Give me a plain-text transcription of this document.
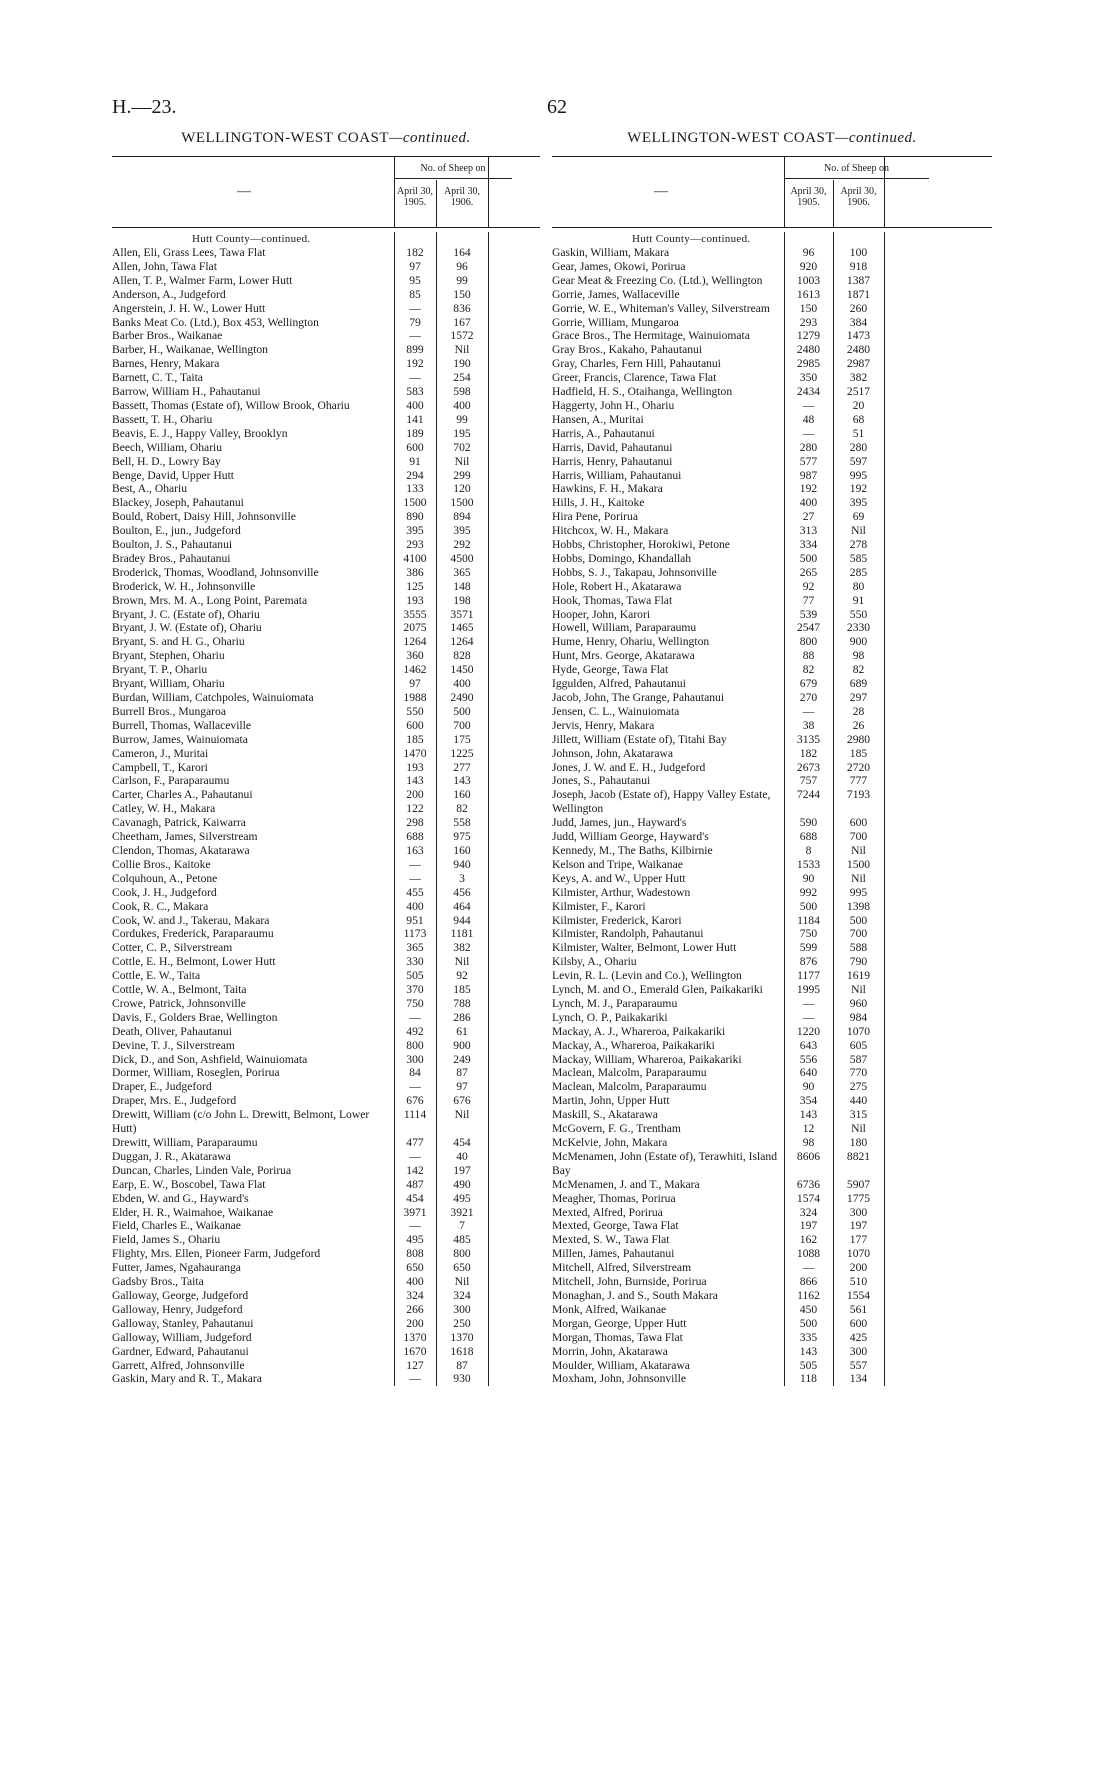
H.—23.	62
WELLINGTON-WEST COAST—continued.
—
No. of Sheep on
April 30, 1905.
April 30, 1906.
Hutt County—continued.
Allen, Eli, Grass Lees, Tawa Flat	182	164
Allen, John, Tawa Flat	97	96
Allen, T. P., Walmer Farm, Lower Hutt	95	99
Anderson, A., Judgeford	85	150
Angerstein, J. H. W., Lower Hutt	—	836
Banks Meat Co. (Ltd.), Box 453, Wellington	79	167
Barber Bros., Waikanae	—	1572
Barber, H., Waikanae, Wellington	899	Nil
Barnes, Henry, Makara	192	190
Barnett, C. T., Taita	—	254
Barrow, William H., Pahautanui	583	598
Bassett, Thomas (Estate of), Willow Brook, Ohariu	400	400
Bassett, T. H., Ohariu	141	99
Beavis, E. J., Happy Valley, Brooklyn	189	195
Beech, William, Ohariu	600	702
Bell, H. D., Lowry Bay	91	Nil
Benge, David, Upper Hutt	294	299
Best, A., Ohariu	133	120
Blackey, Joseph, Pahautanui	1500	1500
Bould, Robert, Daisy Hill, Johnsonville	890	894
Boulton, E., jun., Judgeford	395	395
Boulton, J. S., Pahautanui	293	292
Bradey Bros., Pahautanui	4100	4500
Broderick, Thomas, Woodland, Johnsonville	386	365
Broderick, W. H., Johnsonville	125	148
Brown, Mrs. M. A., Long Point, Paremata	193	198
Bryant, J. C. (Estate of), Ohariu	3555	3571
Bryant, J. W. (Estate of), Ohariu	2075	1465
Bryant, S. and H. G., Ohariu	1264	1264
Bryant, Stephen, Ohariu	360	828
Bryant, T. P., Ohariu	1462	1450
Bryant, William, Ohariu	97	400
Burdan, William, Catchpoles, Wainuiomata	1988	2490
Burrell Bros., Mungaroa	550	500
Burrell, Thomas, Wallaceville	600	700
Burrow, James, Wainuiomata	185	175
Cameron, J., Muritai	1470	1225
Campbell, T., Karori	193	277
Carlson, F., Paraparaumu	143	143
Carter, Charles A., Pahautanui	200	160
Catley, W. H., Makara	122	82
Cavanagh, Patrick, Kaiwarra	298	558
Cheetham, James, Silverstream	688	975
Clendon, Thomas, Akatarawa	163	160
Collie Bros., Kaitoke	—	940
Colquhoun, A., Petone	—	3
Cook, J. H., Judgeford	455	456
Cook, R. C., Makara	400	464
Cook, W. and J., Takerau, Makara	951	944
Cordukes, Frederick, Paraparaumu	1173	1181
Cotter, C. P., Silverstream	365	382
Cottle, E. H., Belmont, Lower Hutt	330	Nil
Cottle, E. W., Taita	505	92
Cottle, W. A., Belmont, Taita	370	185
Crowe, Patrick, Johnsonville	750	788
Davis, F., Golders Brae, Wellington	—	286
Death, Oliver, Pahautanui	492	61
Devine, T. J., Silverstream	800	900
Dick, D., and Son, Ashfield, Wainuiomata	300	249
Dormer, William, Roseglen, Porirua	84	87
Draper, E., Judgeford	—	97
Draper, Mrs. E., Judgeford	676	676
Drewitt, William (c/o John L. Drewitt, Belmont, Lower Hutt)
1114	Nil
Drewitt, William, Paraparaumu	477	454
Duggan, J. R., Akatarawa	—	40
Duncan, Charles, Linden Vale, Porirua	142	197
Earp, E. W., Boscobel, Tawa Flat	487	490
Ebden, W. and G., Hayward's	454	495
Elder, H. R., Waimahoe, Waikanae	3971	3921
Field, Charles E., Waikanae	—	7
Field, James S., Ohariu	495	485
Flighty, Mrs. Ellen, Pioneer Farm, Judgeford	808	800
Futter, James, Ngahauranga	650	650
Gadsby Bros., Taita	400	Nil
Galloway, George, Judgeford	324	324
Galloway, Henry, Judgeford	266	300
Galloway, Stanley, Pahautanui	200	250
Galloway, William, Judgeford	1370	1370
Gardner, Edward, Pahautanui	1670	1618
Garrett, Alfred, Johnsonville	127	87
Gaskin, Mary and R. T., Makara	—	930
WELLINGTON-WEST COAST—continued.
—
No. of Sheep on
April 30, 1905.
April 30, 1906.
Hutt County—continued.
Gaskin, William, Makara	96	100
Gear, James, Okowi, Porirua	920	918
Gear Meat & Freezing Co. (Ltd.), Wellington	1003	1387
Gorrie, James, Wallaceville	1613	1871
Gorrie, W. E., Whiteman's Valley, Silverstream	150	260
Gorrie, William, Mungaroa	293	384
Grace Bros., The Hermitage, Wainuiomata	1279	1473
Gray Bros., Kakaho, Pahautanui	2480	2480
Gray, Charles, Fern Hill, Pahautanui	2985	2987
Greer, Francis, Clarence, Tawa Flat	350	382
Hadfield, H. S., Otaihanga, Wellington	2434	2517
Haggerty, John H., Ohariu	—	20
Hansen, A., Muritai	48	68
Harris, A., Pahautanui	—	51
Harris, David, Pahautanui	280	280
Harris, Henry, Pahautanui	577	597
Harris, William, Pahautanui	987	995
Hawkins, F. H., Makara	192	192
Hills, J. H., Kaitoke	400	395
Hira Pene, Porirua	27	69
Hitchcox, W. H., Makara	313	Nil
Hobbs, Christopher, Horokiwi, Petone	334	278
Hobbs, Domingo, Khandallah	500	585
Hobbs, S. J., Takapau, Johnsonville	265	285
Hole, Robert H., Akatarawa	92	80
Hook, Thomas, Tawa Flat	77	91
Hooper, John, Karori	539	550
Howell, William, Paraparaumu	2547	2330
Hume, Henry, Ohariu, Wellington	800	900
Hunt, Mrs. George, Akatarawa	88	98
Hyde, George, Tawa Flat	82	82
Iggulden, Alfred, Pahautanui	679	689
Jacob, John, The Grange, Pahautanui	270	297
Jensen, C. L., Wainuiomata	—	28
Jervis, Henry, Makara	38	26
Jillett, William (Estate of), Titahi Bay	3135	2980
Johnson, John, Akatarawa	182	185
Jones, J. W. and E. H., Judgeford	2673	2720
Jones, S., Pahautanui	757	777
Joseph, Jacob (Estate of), Happy Valley Estate, Wellington
7244	7193
Judd, James, jun., Hayward's	590	600
Judd, William George, Hayward's	688	700
Kennedy, M., The Baths, Kilbirnie	8	Nil
Kelson and Tripe, Waikanae	1533	1500
Keys, A. and W., Upper Hutt	90	Nil
Kilmister, Arthur, Wadestown	992	995
Kilmister, F., Karori	500	1398
Kilmister, Frederick, Karori	1184	500
Kilmister, Randolph, Pahautanui	750	700
Kilmister, Walter, Belmont, Lower Hutt	599	588
Kilsby, A., Ohariu	876	790
Levin, R. L. (Levin and Co.), Wellington	1177	1619
Lynch, M. and O., Emerald Glen, Paikakariki	1995	Nil
Lynch, M. J., Paraparaumu	—	960
Lynch, O. P., Paikakariki	—	984
Mackay, A. J., Whareroa, Paikakariki	1220	1070
Mackay, A., Whareroa, Paikakariki	643	605
Mackay, William, Whareroa, Paikakariki	556	587
Maclean, Malcolm, Paraparaumu	640	770
Maclean, Malcolm, Paraparaumu	90	275
Martin, John, Upper Hutt	354	440
Maskill, S., Akatarawa	143	315
McGovern, F. G., Trentham	12	Nil
McKelvie, John, Makara	98	180
McMenamen, John (Estate of), Terawhiti, Island Bay
8606	8821
McMenamen, J. and T., Makara	6736	5907
Meagher, Thomas, Porirua	1574	1775
Mexted, Alfred, Porirua	324	300
Mexted, George, Tawa Flat	197	197
Mexted, S. W., Tawa Flat	162	177
Millen, James, Pahautanui	1088	1070
Mitchell, Alfred, Silverstream	—	200
Mitchell, John, Burnside, Porirua	866	510
Monaghan, J. and S., South Makara	1162	1554
Monk, Alfred, Waikanae	450	561
Morgan, George, Upper Hutt	500	600
Morgan, Thomas, Tawa Flat	335	425
Morrin, John, Akatarawa	143	300
Moulder, William, Akatarawa	505	557
Moxham, John, Johnsonville	118	134
